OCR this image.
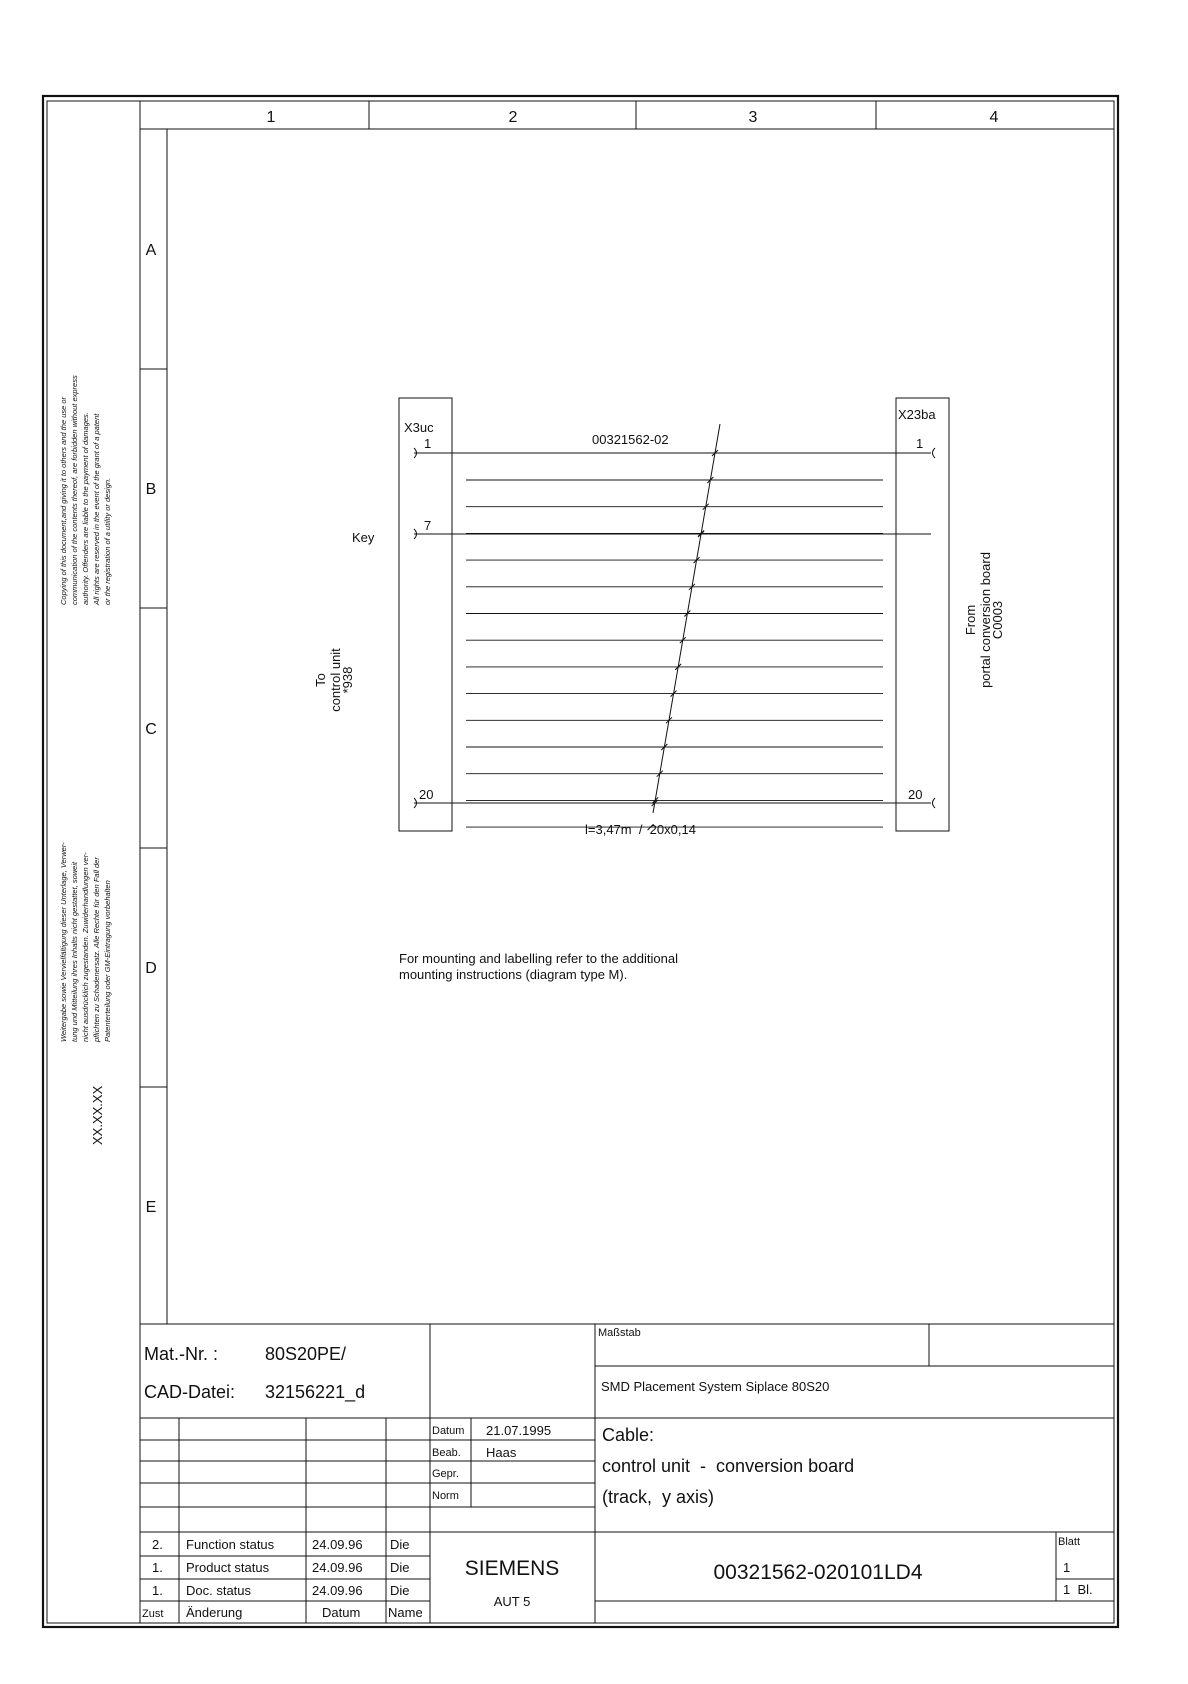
1	2	3	4
A
B
C
D
E
Copying of this document,and giving it to others and the use or communication of the contents thereof, are forbidden without express authority. Offenders are liable to the payment of damages. All rights are reserved in the event of the grant of a patent or the registration of a utility or design.
Weitergabe sowie Vervielfältigung dieser Unterlage, Verwer- tung und Mitteilung ihres Inhalts nicht gestattet, soweit nicht ausdrücklich zugestanden. Zuwiderhandlungen ver- pflichten zu Schadenersatz. Alle Rechte für den Fall der Patenterteilung oder GM-Eintragung vorbehalten
XX.XX.XX
X3uc
X23ba
00321562-02
1
7
20
1
20
Key
To control unit
*938
From portal conversion board
C0003
l=3,47m  /  20x0,14
For mounting and labelling refer to the additional
mounting instructions (diagram type M).
Mat.-Nr. :	80S20PE/
CAD-Datei: 32156221_d
Maßstab
SMD Placement System Siplace 80S20
Datum 21.07.1995
Beab. Haas
Gepr.
Norm
Cable:
control unit  -  conversion board
(track,  y axis)
2. Function status	24.09.96 Die
1. Product status	24.09.96 Die
1. Doc. status	24.09.96 Die
Zust Änderung	Datum Name
SIEMENS
AUT 5
00321562-020101LD4
Blatt
1
1  Bl.
